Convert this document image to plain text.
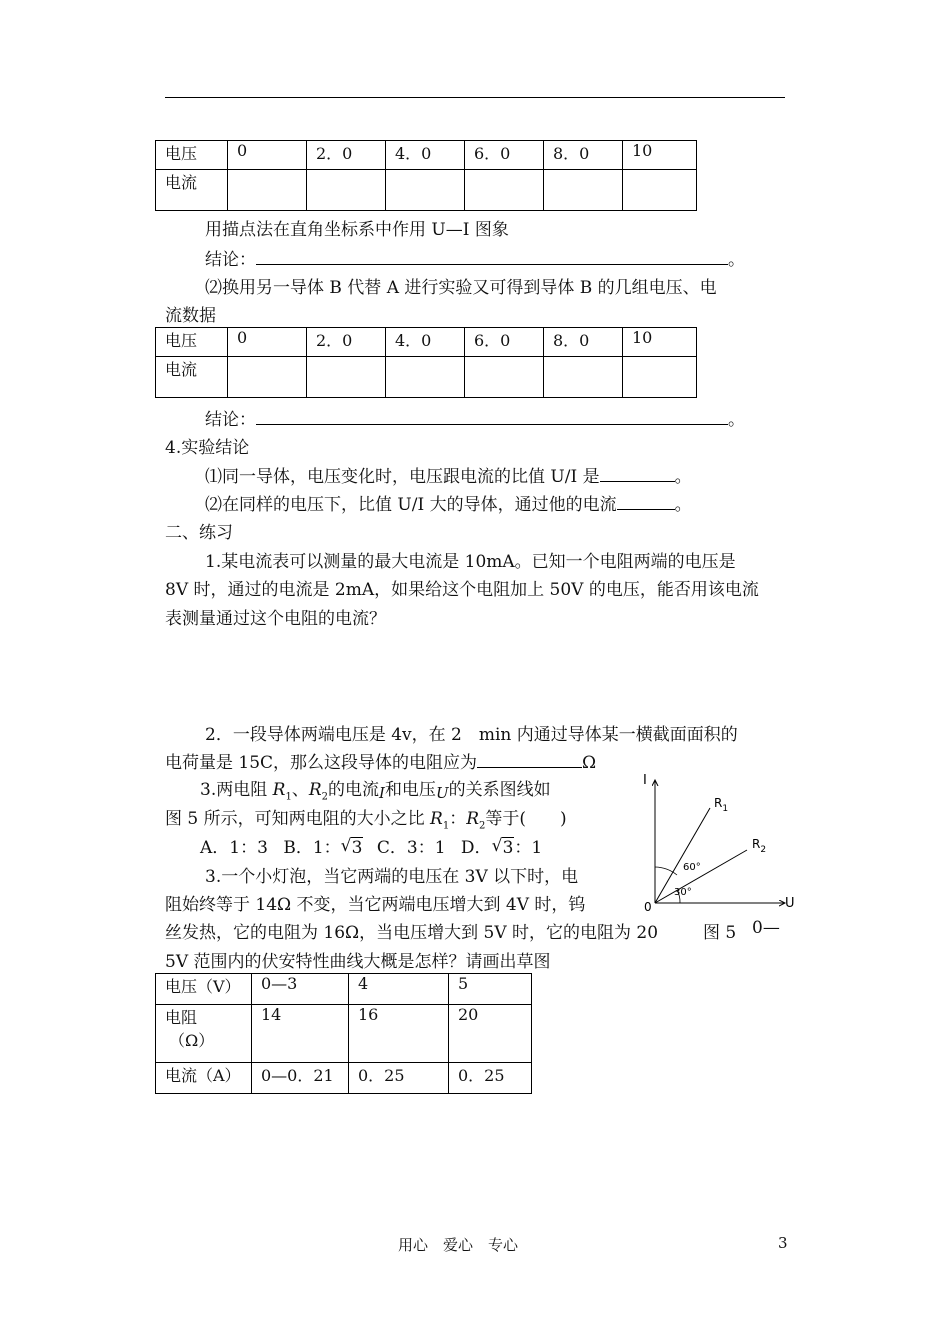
电压	0	2．0	4．0	6．0	8．0	10
电流						
用描点法在直角坐标系中作用 U—I 图象
结论：	。
⑵换用另一导体 B 代替 A 进行实验又可得到导体 B 的几组电压、电
流数据
电压	0	2．0	4．0	6．0	8．0	10
电流						
结论：	。
4.实验结论
⑴同一导体，电压变化时，电压跟电流的比值 U/I 是	。
⑵在同样的电压下，比值 U/I 大的导体，通过他的电流	。
二、练习
1.某电流表可以测量的最大电流是 10mA。已知一个电阻两端的电压是
8V 时，通过的电流是 2mA，如果给这个电阻加上 50V 的电压，能否用该电流
表测量通过这个电阻的电流？
2．一段导体两端电压是 4v，在 2　min 内通过导体某一横截面面积的
电荷量是 15C，那么这段导体的电阻应为	Ω
3.两电阻 $R_1$、$R_2$的电流I和电压U的关系图线如
图 5 所示，可知两电阻的大小之比 $R_1$：$R_2$等于(　　)
A．1：3 B．1： √ 3 C．3：1 D． √ 3：1
3.一个小灯泡，当它两端的电压在 3V 以下时，电
阻始终等于 14Ω 不变，当它两端电压增大到 4V 时，钨
丝发热，它的电阻为 16Ω，当电压增大到 5V 时，它的电阻为 20	0—
5V 范围内的伏安特性曲线大概是怎样？请画出草图
I
U
0
$R_1$
$R_2$
60°
30°
图 5
电压（V）	0—3	4	5

电阻
（Ω）	14	16	20
电流（A）	0—0．21	0．25	0．25
用心　爱心　专心	3
